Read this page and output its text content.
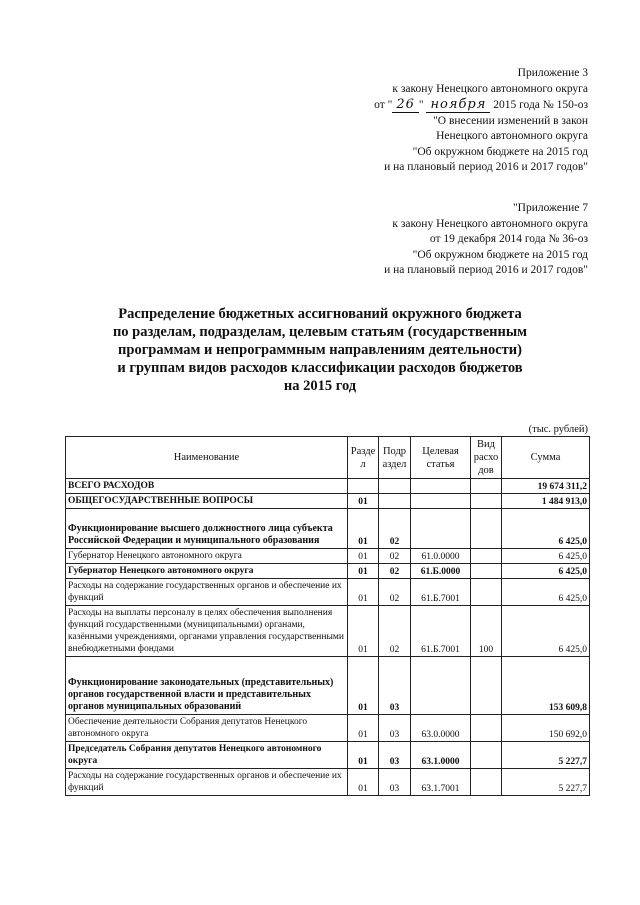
Приложение 3
к закону Ненецкого автономного округа
от " 26 " ноября 2015 года № 150-оз
"О внесении изменений в закон
Ненецкого автономного округа
"Об окружном бюджете на 2015 год
и на плановый период 2016 и 2017 годов"
"Приложение 7
к закону Ненецкого автономного округа
от 19 декабря 2014 года № 36-оз
"Об окружном бюджете на 2015 год
и на плановый период 2016 и 2017 годов"
Распределение бюджетных ассигнований окружного бюджета
по разделам, подразделам, целевым статьям (государственным
программам и непрограммным направлениям деятельности)
и группам видов расходов классификации расходов бюджетов
на 2015 год
(тыс. рублей)
Наименование	Разде л	Подр аздел	Целевая статья	Вид расхо дов	Сумма
ВСЕГО РАСХОДОВ					19 674 311,2
ОБЩЕГОСУДАРСТВЕННЫЕ ВОПРОСЫ	01				1 484 913,0
Функционирование высшего должностного лица субъекта Российской Федерации и муниципального образования	01	02			6 425,0
Губернатор Ненецкого автономного округа	01	02	61.0.0000		6 425,0
Губернатор Ненецкого автономного округа	01	02	61.Б.0000		6 425,0
Расходы на содержание государственных органов и обеспечение их функций	01	02	61.Б.7001		6 425,0
Расходы на выплаты персоналу в целях обеспечения выполнения функций государственными (муниципальными) органами, казёнными учреждениями, органами управления государственными внебюджетными фондами	01	02	61.Б.7001	100	6 425,0
Функционирование законодательных (представительных) органов государственной власти и представительных органов муниципальных образований	01	03			153 609,8
Обеспечение деятельности Собрания депутатов Ненецкого автономного округа	01	03	63.0.0000		150 692,0
Председатель Собрания депутатов Ненецкого автономного округа	01	03	63.1.0000		5 227,7
Расходы на содержание государственных органов и обеспечение их функций	01	03	63.1.7001		5 227,7
